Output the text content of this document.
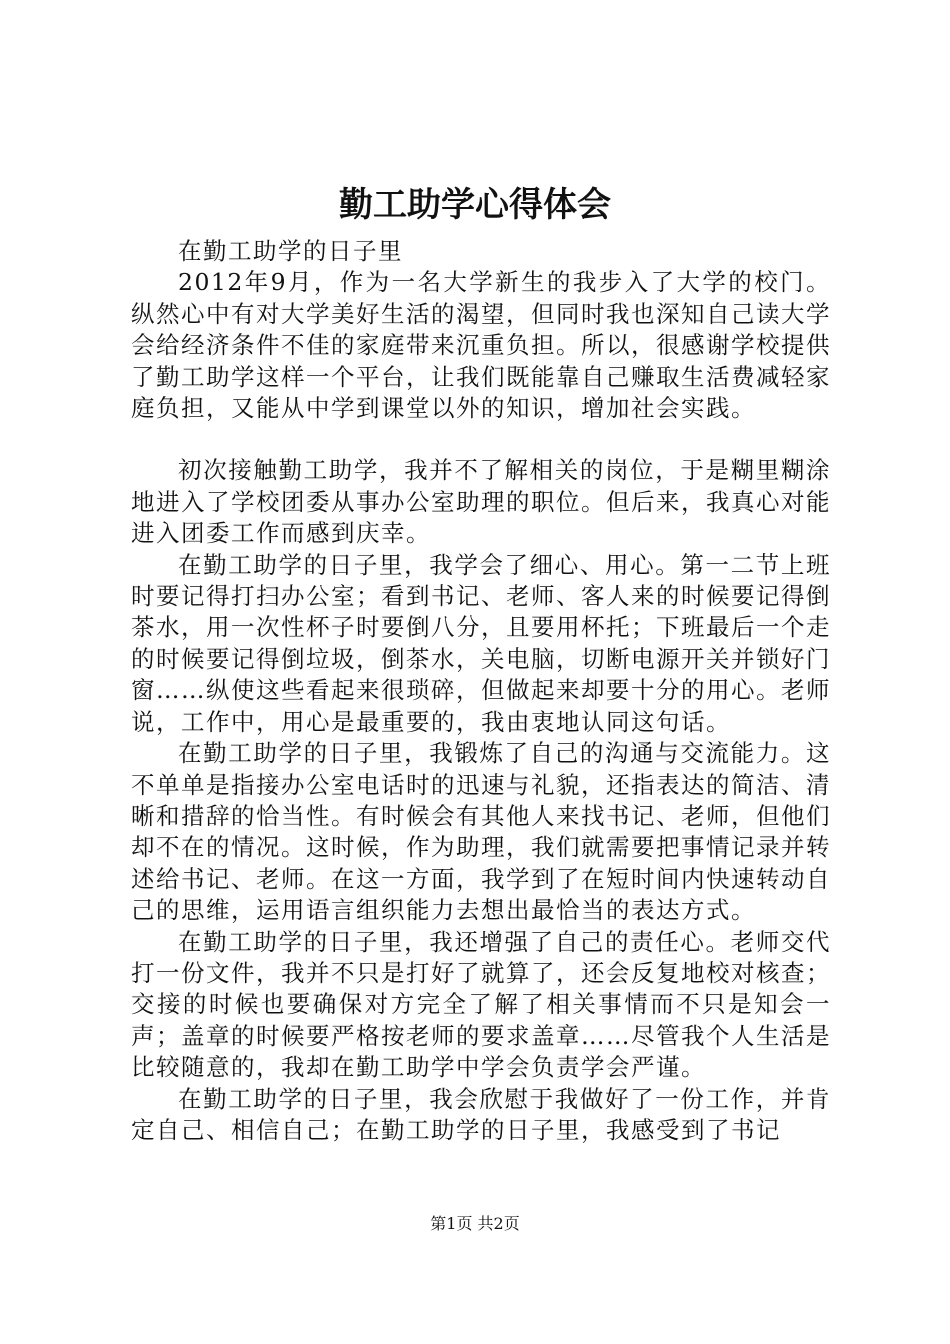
勤工助学心得体会

在勤工助学的日子里

2012年9月，作为一名大学新生的我步入了大学的校门。纵然心中有对大学美好生活的渴望，但同时我也深知自己读大学会给经济条件不佳的家庭带来沉重负担。所以，很感谢学校提供了勤工助学这样一个平台，让我们既能靠自己赚取生活费减轻家庭负担，又能从中学到课堂以外的知识，增加社会实践。

初次接触勤工助学，我并不了解相关的岗位，于是糊里糊涂地进入了学校团委从事办公室助理的职位。但后来，我真心对能进入团委工作而感到庆幸。

在勤工助学的日子里，我学会了细心、用心。第一二节上班时要记得打扫办公室；看到书记、老师、客人来的时候要记得倒茶水，用一次性杯子时要倒八分，且要用杯托；下班最后一个走的时候要记得倒垃圾，倒茶水，关电脑，切断电源开关并锁好门窗……纵使这些看起来很琐碎，但做起来却要十分的用心。老师说，工作中，用心是最重要的，我由衷地认同这句话。

在勤工助学的日子里，我锻炼了自己的沟通与交流能力。这不单单是指接办公室电话时的迅速与礼貌，还指表达的简洁、清晰和措辞的恰当性。有时候会有其他人来找书记、老师，但他们却不在的情况。这时候，作为助理，我们就需要把事情记录并转述给书记、老师。在这一方面，我学到了在短时间内快速转动自己的思维，运用语言组织能力去想出最恰当的表达方式。

在勤工助学的日子里，我还增强了自己的责任心。老师交代打一份文件，我并不只是打好了就算了，还会反复地校对核查；交接的时候也要确保对方完全了解了相关事情而不只是知会一声；盖章的时候要严格按老师的要求盖章……尽管我个人生活是比较随意的，我却在勤工助学中学会负责学会严谨。

在勤工助学的日子里，我会欣慰于我做好了一份工作，并肯定自己、相信自己；在勤工助学的日子里，我感受到了书记

第1页 共2页
